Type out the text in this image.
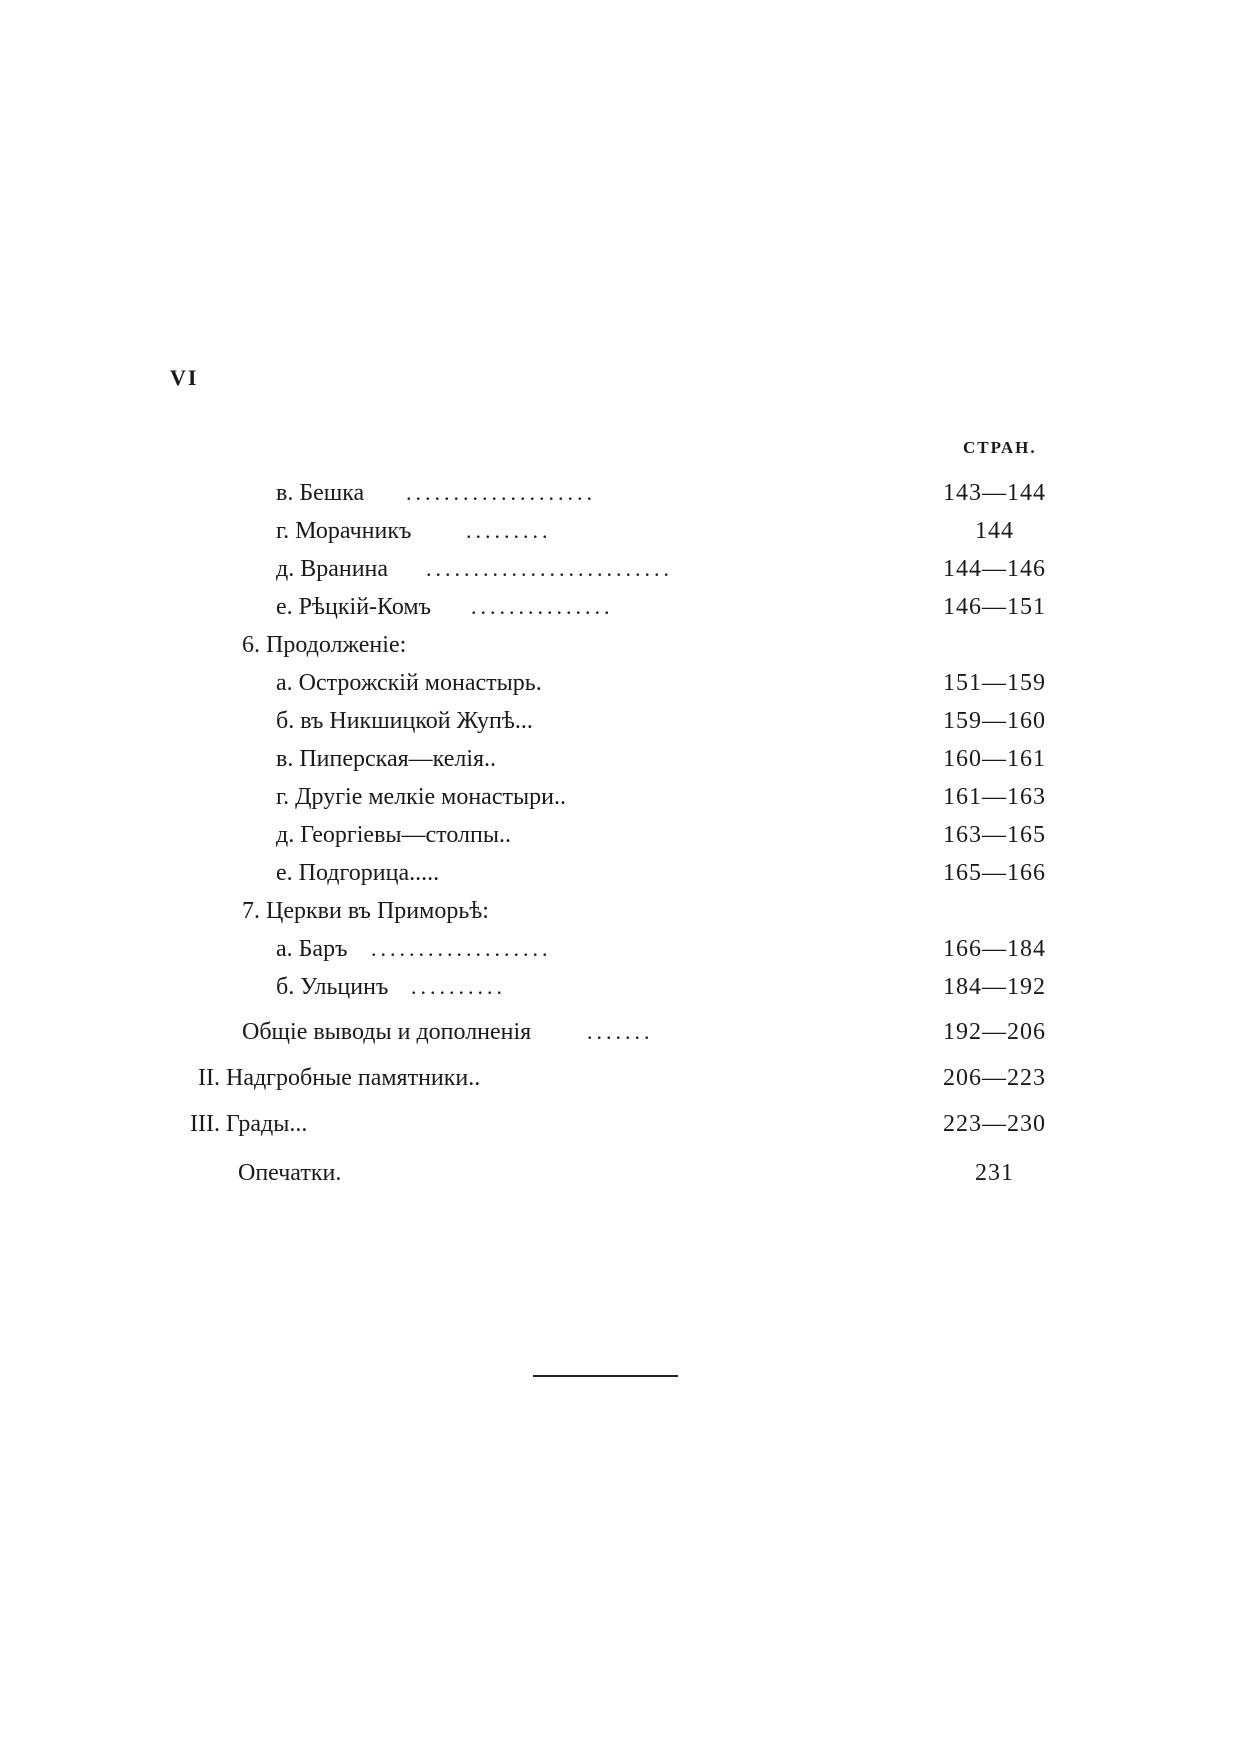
VI
СТРАН.
в. Бешка ....................	143—144
г. Морачникъ .........	144
д. Вранина ..........................	144—146
е. Рѣцкій-Комъ ...............	146—151
6. Продолженіе:
а. Острожскій монастырь.	151—159
б. въ Никшицкой Жупѣ...	159—160
в. Пиперская—келія..	160—161
г. Другіе мелкіе монастыри..	161—163
д. Георгіевы—столпы..	163—165
е. Подгорица.....	165—166
7. Церкви въ Приморьѣ:
а. Баръ ...................	166—184
б. Ульцинъ ..........	184—192
Общіе выводы и дополненія	.......	192—206
II. Надгробные памятники..	206—223
III. Грады...	223—230
Опечатки.	231
